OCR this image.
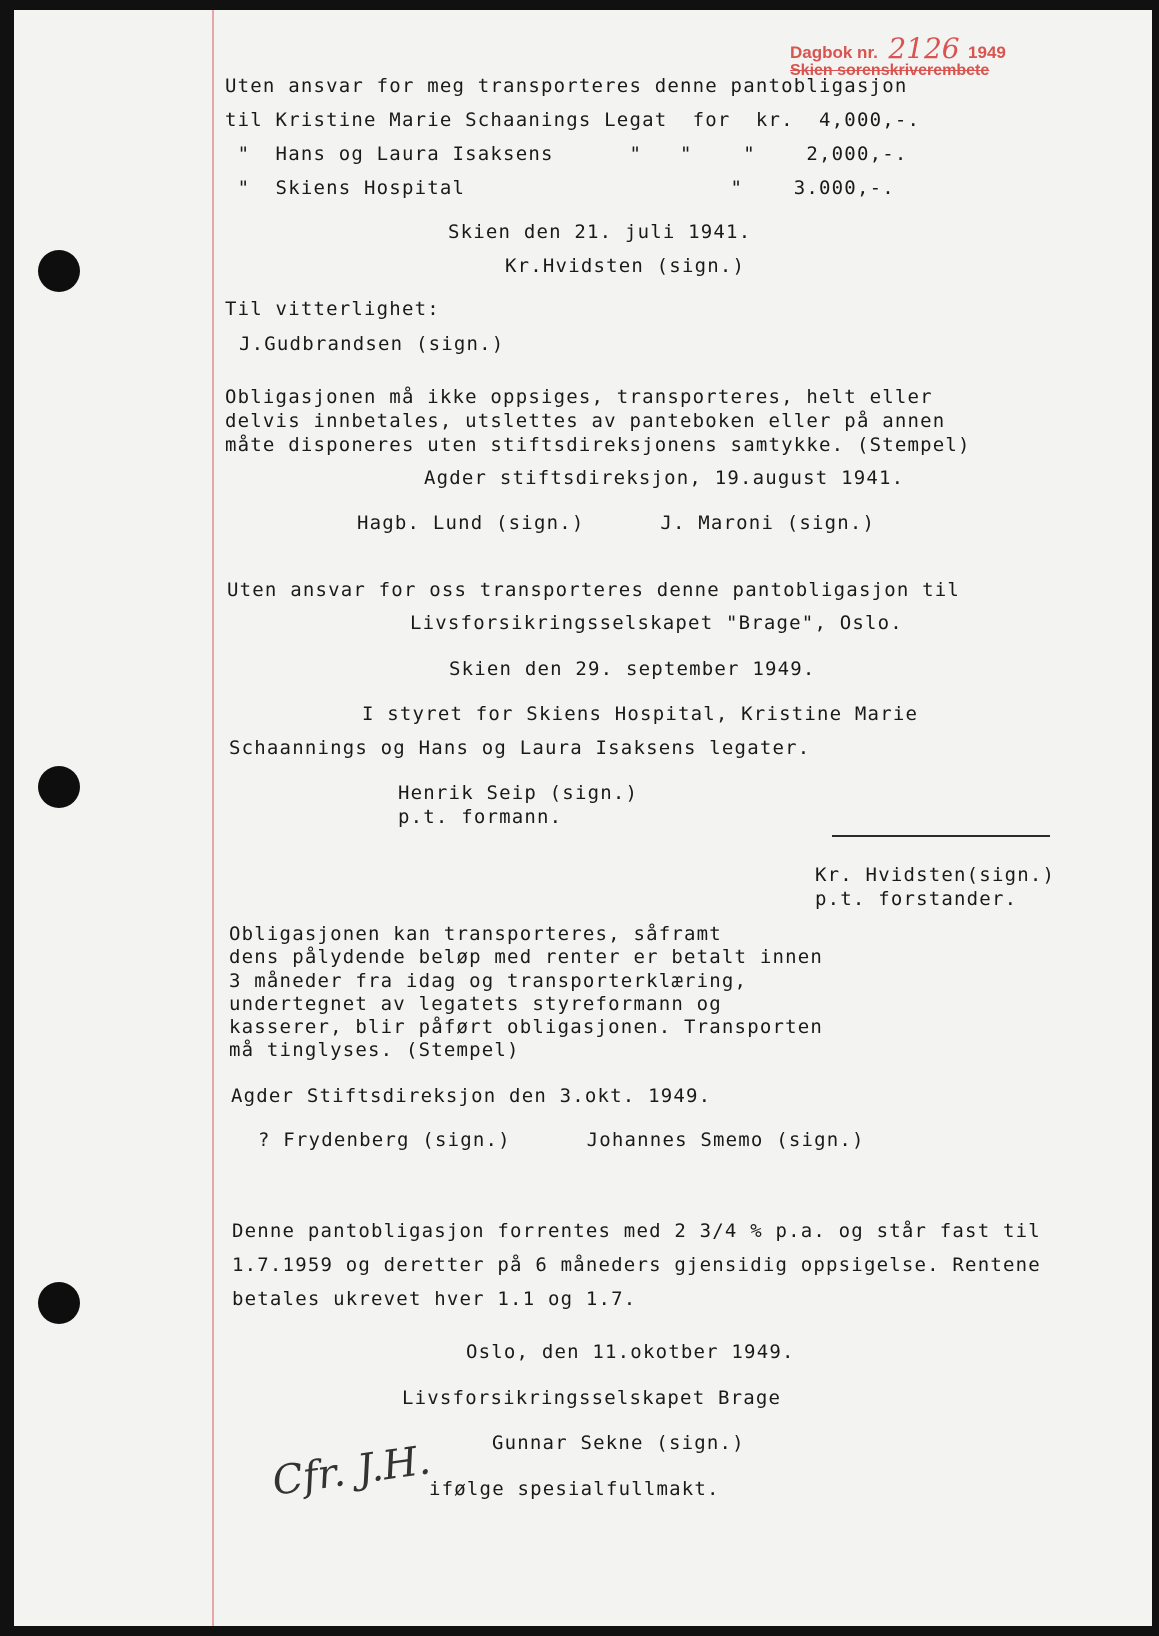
Dagbok nr. 2126 1949
Skien sorenskriverembete
Uten ansvar for meg transporteres denne pantobligasjon
til Kristine Marie Schaanings Legat  for  kr.  4,000,-.
"  Hans og Laura Isaksens      "   "    "    2,000,-.
"  Skiens Hospital                     "    3.000,-.
Skien den 21. juli 1941.
Kr.Hvidsten (sign.)
Til vitterlighet:
J.Gudbrandsen (sign.)
Obligasjonen må ikke oppsiges, transporteres, helt eller
delvis innbetales, utslettes av panteboken eller på annen
måte disponeres uten stiftsdireksjonens samtykke. (Stempel)
Agder stiftsdireksjon, 19.august 1941.
Hagb. Lund (sign.)      J. Maroni (sign.)
Uten ansvar for oss transporteres denne pantobligasjon til
Livsforsikringsselskapet "Brage", Oslo.
Skien den 29. september 1949.
I styret for Skiens Hospital, Kristine Marie
Schaannings og Hans og Laura Isaksens legater.
Henrik Seip (sign.)
p.t. formann.
Kr. Hvidsten(sign.)
p.t. forstander.
Obligasjonen kan transporteres, såframt
dens pålydende beløp med renter er betalt innen
3 måneder fra idag og transporterklæring,
undertegnet av legatets styreformann og
kasserer, blir påført obligasjonen. Transporten
må tinglyses. (Stempel)
Agder Stiftsdireksjon den 3.okt. 1949.
? Frydenberg (sign.)      Johannes Smemo (sign.)
Denne pantobligasjon forrentes med 2 3/4 % p.a. og står fast til
1.7.1959 og deretter på 6 måneders gjensidig oppsigelse. Rentene
betales ukrevet hver 1.1 og 1.7.
Oslo, den 11.okotber 1949.
Livsforsikringsselskapet Brage
Gunnar Sekne (sign.)
ifølge spesialfullmakt.
Cfr. J.H.
